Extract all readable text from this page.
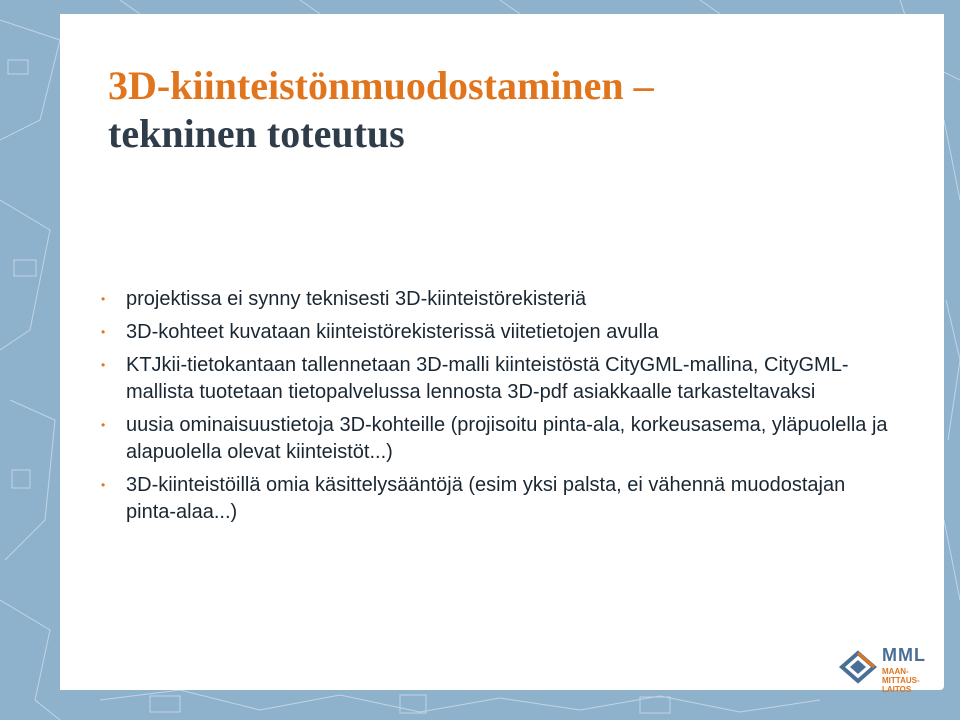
3D-kiinteistönmuodostaminen –
tekninen toteutus
•	projektissa ei synny teknisesti 3D-kiinteistörekisteriä
•	3D-kohteet kuvataan kiinteistörekisterissä viitetietojen avulla
•	KTJkii-tietokantaan tallennetaan 3D-malli kiinteistöstä CityGML-mallina, CityGML-mallista tuotetaan tietopalvelussa lennosta 3D-pdf asiakkaalle tarkasteltavaksi
•	uusia ominaisuustietoja 3D-kohteille (projisoitu pinta-ala, korkeusasema, yläpuolella ja alapuolella olevat kiinteistöt...)
•	3D-kiinteistöillä omia käsittelysääntöjä (esim yksi palsta, ei vähennä muodostajan pinta-alaa...)
MML
MAAN-
MITTAUS-
LAITOS
